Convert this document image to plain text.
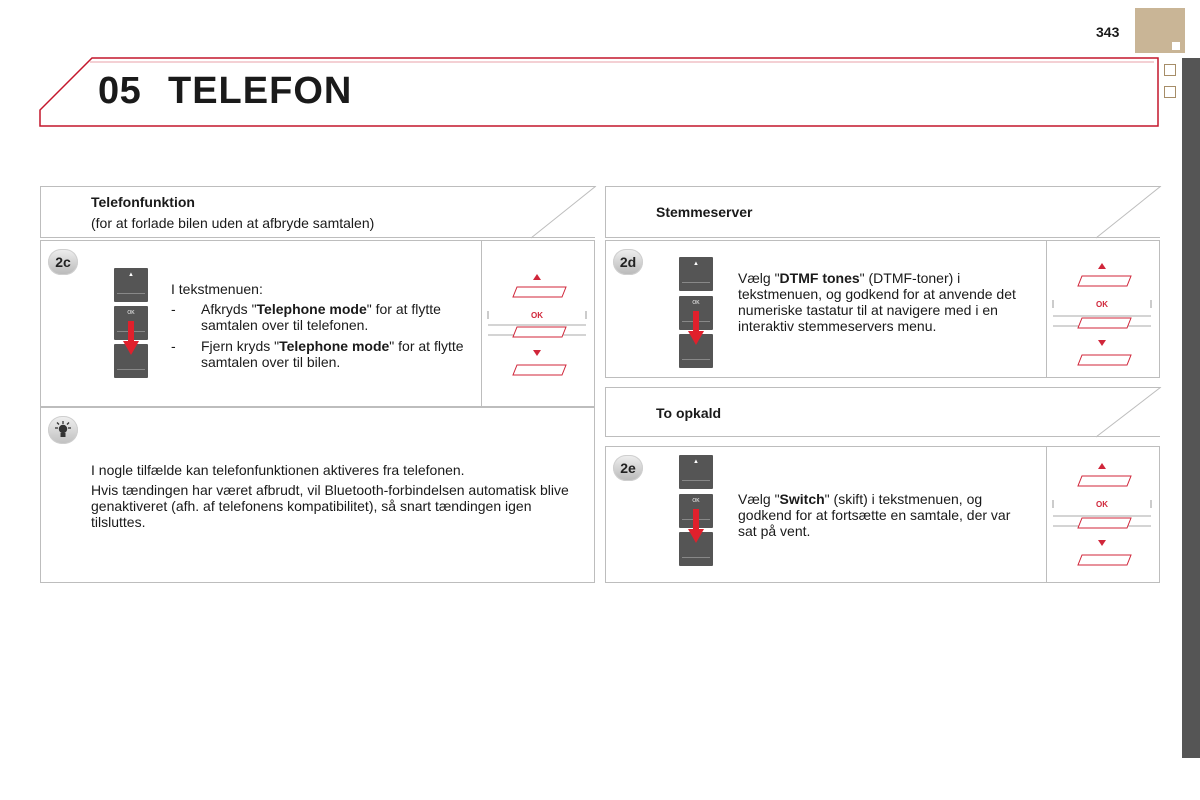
343
05 TELEFON
Telefonfunktion
(for at forlade bilen uden at afbryde samtalen)
2c
▲
OK
I tekstmenuen:
- Afkryds "Telephone mode" for at flytte samtalen over til telefonen.
- Fjern kryds "Telephone mode" for at flytte samtalen over til bilen.
OK
I nogle tilfælde kan telefonfunktionen aktiveres fra telefonen.
Hvis tændingen har været afbrudt, vil Bluetooth-forbindelsen automatisk blive genaktiveret (afh. af telefonens kompatibilitet), så snart tændingen igen tilsluttes.
Stemmeserver
2d	▲
OK
Vælg "DTMF tones" (DTMF-toner) i tekstmenuen, og godkend for at anvende det numeriske tastatur til at navigere med i en interaktiv stemmeservers menu.
OK
To opkald
2e	▲
OK	Vælg "Switch" (skift) i tekstmenuen, og godkend for at fortsætte en samtale, der var sat på vent.
OK
